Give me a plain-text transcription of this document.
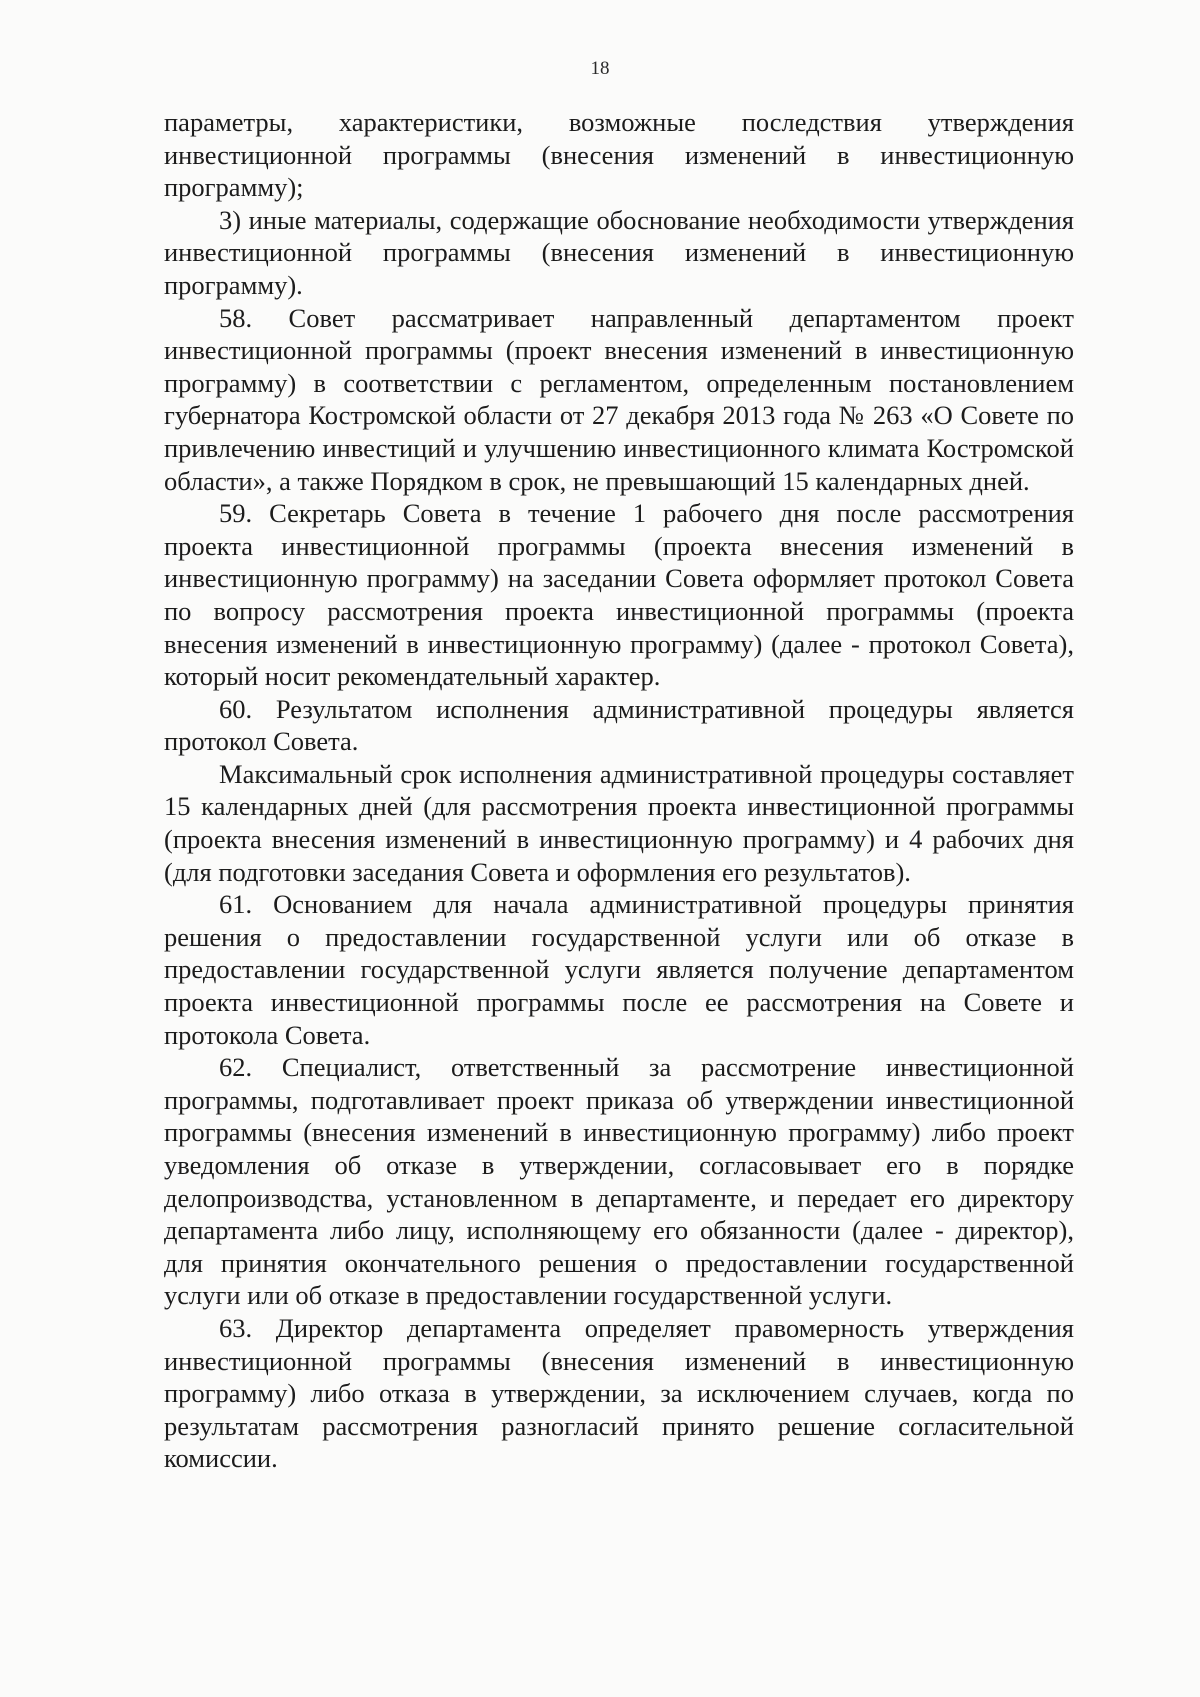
18

параметры, характеристики, возможные последствия утверждения инвестиционной программы (внесения изменений в инвестиционную программу);

3) иные материалы, содержащие обоснование необходимости утверждения инвестиционной программы (внесения изменений в инвестиционную программу).

58. Совет рассматривает направленный департаментом проект инвестиционной программы (проект внесения изменений в инвестиционную программу) в соответствии с регламентом, определенным постановлением губернатора Костромской области от 27 декабря 2013 года № 263 «О Совете по привлечению инвестиций и улучшению инвестиционного климата Костромской области», а также Порядком в срок, не превышающий 15 календарных дней.

59. Секретарь Совета в течение 1 рабочего дня после рассмотрения проекта инвестиционной программы (проекта внесения изменений в инвестиционную программу) на заседании Совета оформляет протокол Совета по вопросу рассмотрения проекта инвестиционной программы (проекта внесения изменений в инвестиционную программу) (далее - протокол Совета), который носит рекомендательный характер.

60. Результатом исполнения административной процедуры является протокол Совета.

Максимальный срок исполнения административной процедуры составляет 15 календарных дней (для рассмотрения проекта инвестиционной программы (проекта внесения изменений в инвестиционную программу) и 4 рабочих дня (для подготовки заседания Совета и оформления его результатов).

61. Основанием для начала административной процедуры принятия решения о предоставлении государственной услуги или об отказе в предоставлении государственной услуги является получение департаментом проекта инвестиционной программы после ее рассмотрения на Совете и протокола Совета.

62. Специалист, ответственный за рассмотрение инвестиционной программы, подготавливает проект приказа об утверждении инвестиционной программы (внесения изменений в инвестиционную программу) либо проект уведомления об отказе в утверждении, согласовывает его в порядке делопроизводства, установленном в департаменте, и передает его директору департамента либо лицу, исполняющему его обязанности (далее - директор), для принятия окончательного решения о предоставлении государственной услуги или об отказе в предоставлении государственной услуги.

63. Директор департамента определяет правомерность утверждения инвестиционной программы (внесения изменений в инвестиционную программу) либо отказа в утверждении, за исключением случаев, когда по результатам рассмотрения разногласий принято решение согласительной комиссии.
